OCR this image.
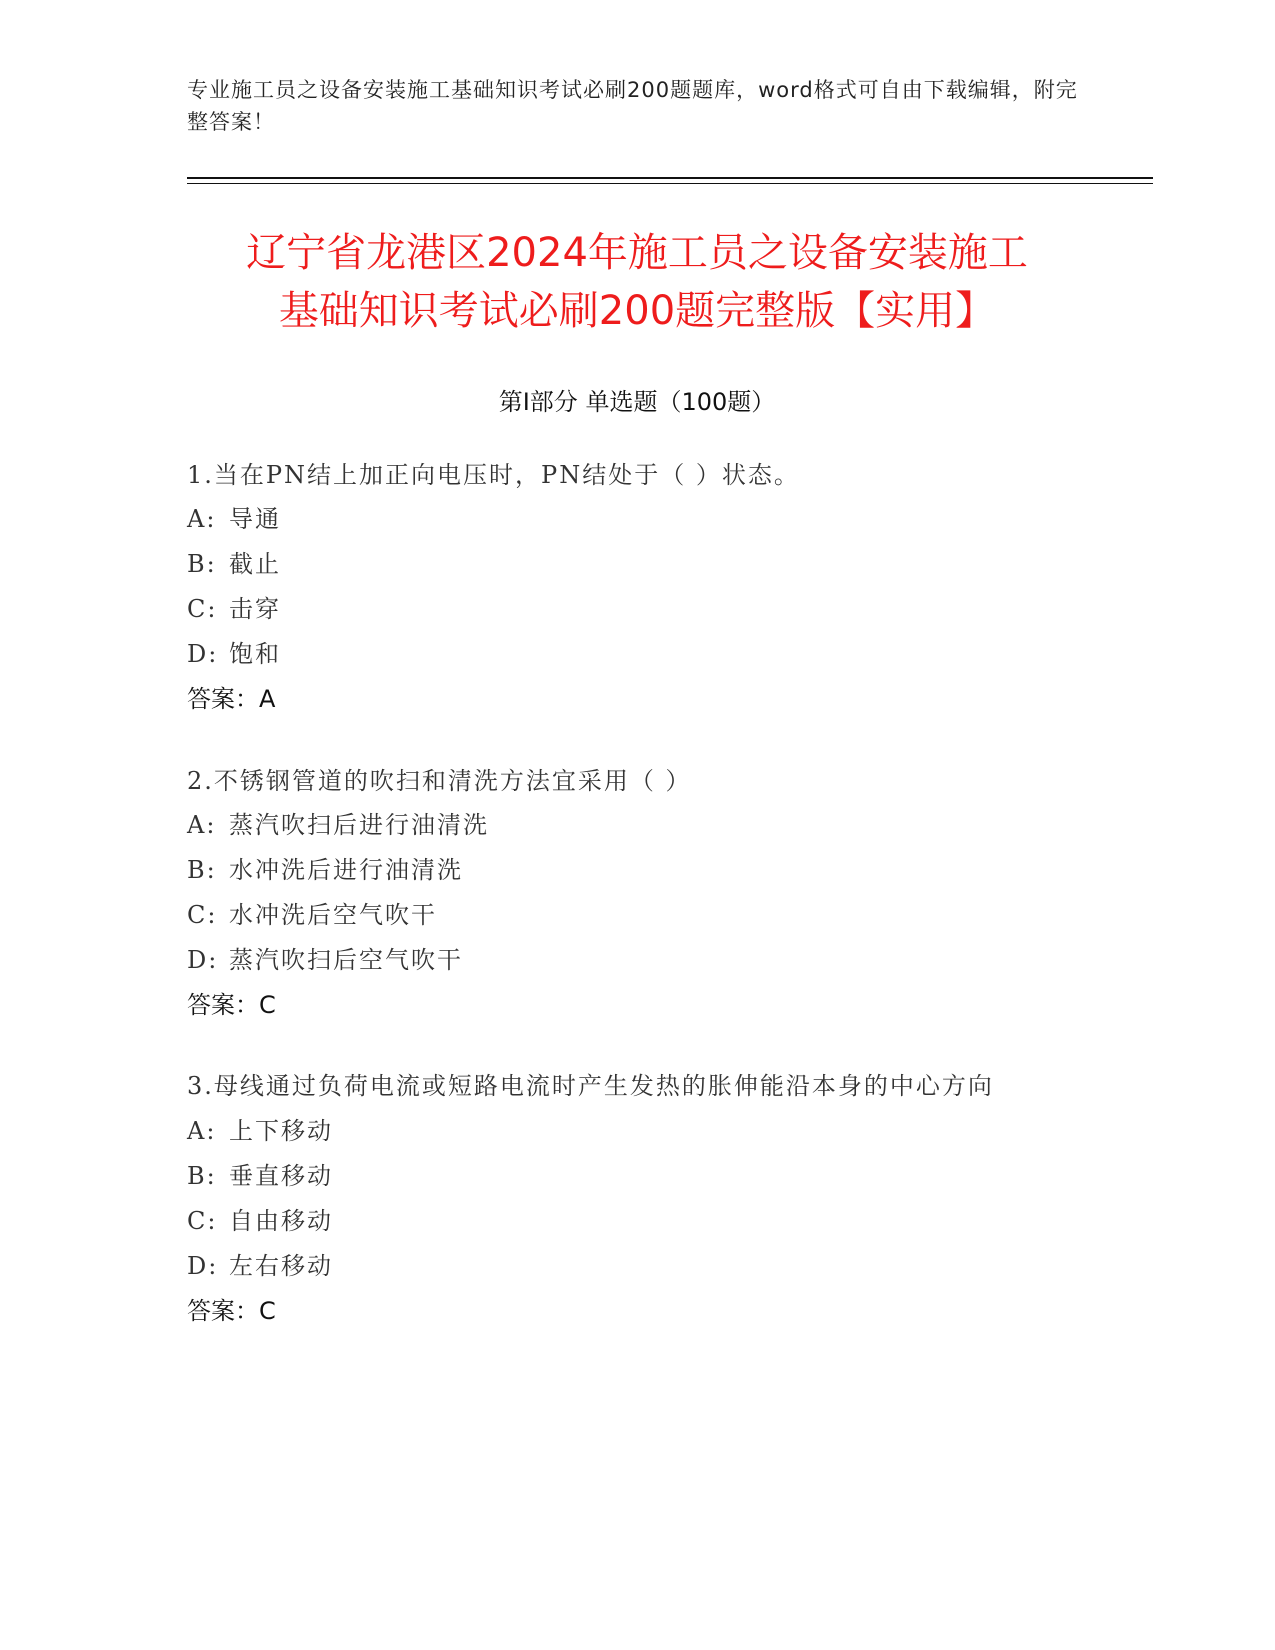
专业施工员之设备安装施工基础知识考试必刷200题题库，word格式可自由下载编辑，附完整答案！
辽宁省龙港区2024年施工员之设备安装施工
基础知识考试必刷200题完整版【实用】
第Ⅰ部分 单选题（100题）
1.当在PN结上加正向电压时，PN结处于（ ）状态。
A: 导通
B: 截止
C: 击穿
D: 饱和
答案：A
2.不锈钢管道的吹扫和清洗方法宜采用（ ）
A: 蒸汽吹扫后进行油清洗
B: 水冲洗后进行油清洗
C: 水冲洗后空气吹干
D: 蒸汽吹扫后空气吹干
答案：C
3.母线通过负荷电流或短路电流时产生发热的胀伸能沿本身的中心方向
A: 上下移动
B: 垂直移动
C: 自由移动
D: 左右移动
答案：C
